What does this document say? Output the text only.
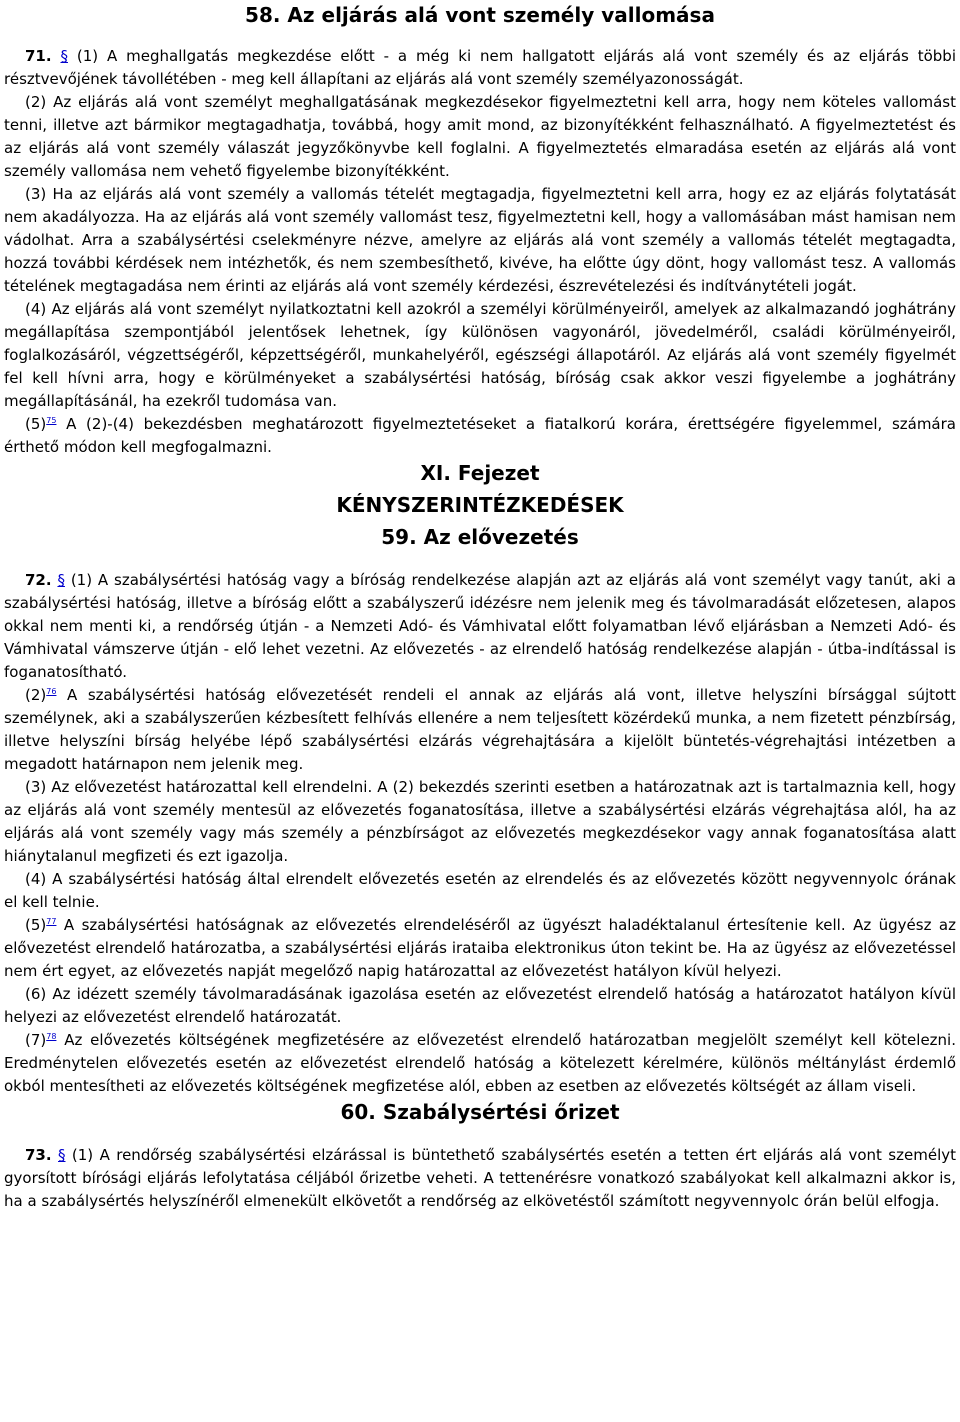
58. Az eljárás alá vont személy vallomása

71. § (1) A meghallgatás megkezdése előtt - a még ki nem hallgatott eljárás alá vont személy és az eljárás többi résztvevőjének távollétében - meg kell állapítani az eljárás alá vont személy személyazonosságát.

(2) Az eljárás alá vont személyt meghallgatásának megkezdésekor figyelmeztetni kell arra, hogy nem köteles vallomást tenni, illetve azt bármikor megtagadhatja, továbbá, hogy amit mond, az bizonyítékként felhasználható. A figyelmeztetést és az eljárás alá vont személy válaszát jegyzőkönyvbe kell foglalni. A figyelmeztetés elmaradása esetén az eljárás alá vont személy vallomása nem vehető figyelembe bizonyítékként.

(3) Ha az eljárás alá vont személy a vallomás tételét megtagadja, figyelmeztetni kell arra, hogy ez az eljárás folytatását nem akadályozza. Ha az eljárás alá vont személy vallomást tesz, figyelmeztetni kell, hogy a vallomásában mást hamisan nem vádolhat. Arra a szabálysértési cselekményre nézve, amelyre az eljárás alá vont személy a vallomás tételét megtagadta, hozzá további kérdések nem intézhetők, és nem szembesíthető, kivéve, ha előtte úgy dönt, hogy vallomást tesz. A vallomás tételének megtagadása nem érinti az eljárás alá vont személy kérdezési, észrevételezési és indítványtételi jogát.

(4) Az eljárás alá vont személyt nyilatkoztatni kell azokról a személyi körülményeiről, amelyek az alkalmazandó joghátrány megállapítása szempontjából jelentősek lehetnek, így különösen vagyonáról, jövedelméről, családi körülményeiről, foglalkozásáról, végzettségéről, képzettségéről, munkahelyéről, egészségi állapotáról. Az eljárás alá vont személy figyelmét fel kell hívni arra, hogy e körülményeket a szabálysértési hatóság, bíróság csak akkor veszi figyelembe a joghátrány megállapításánál, ha ezekről tudomása van.

(5)$^{75}$ A (2)-(4) bekezdésben meghatározott figyelmeztetéseket a fiatalkorú korára, érettségére figyelemmel, számára érthető módon kell megfogalmazni.

XI. Fejezet
KÉNYSZERINTÉZKEDÉSEK
59. Az elővezetés

72. § (1) A szabálysértési hatóság vagy a bíróság rendelkezése alapján azt az eljárás alá vont személyt vagy tanút, aki a szabálysértési hatóság, illetve a bíróság előtt a szabályszerű idézésre nem jelenik meg és távolmaradását előzetesen, alapos okkal nem menti ki, a rendőrség útján - a Nemzeti Adó- és Vámhivatal előtt folyamatban lévő eljárásban a Nemzeti Adó- és Vámhivatal vámszerve útján - elő lehet vezetni. Az elővezetés - az elrendelő hatóság rendelkezése alapján - útba-indítással is foganatosítható.

(2)$^{76}$ A szabálysértési hatóság elővezetését rendeli el annak az eljárás alá vont, illetve helyszíni bírsággal sújtott személynek, aki a szabályszerűen kézbesített felhívás ellenére a nem teljesített közérdekű munka, a nem fizetett pénzbírság, illetve helyszíni bírság helyébe lépő szabálysértési elzárás végrehajtására a kijelölt büntetés-végrehajtási intézetben a megadott határnapon nem jelenik meg.

(3) Az elővezetést határozattal kell elrendelni. A (2) bekezdés szerinti esetben a határozatnak azt is tartalmaznia kell, hogy az eljárás alá vont személy mentesül az elővezetés foganatosítása, illetve a szabálysértési elzárás végrehajtása alól, ha az eljárás alá vont személy vagy más személy a pénzbírságot az elővezetés megkezdésekor vagy annak foganatosítása alatt hiánytalanul megfizeti és ezt igazolja.

(4) A szabálysértési hatóság által elrendelt elővezetés esetén az elrendelés és az elővezetés között negyvennyolc órának el kell telnie.

(5)$^{77}$ A szabálysértési hatóságnak az elővezetés elrendeléséről az ügyészt haladéktalanul értesítenie kell. Az ügyész az elővezetést elrendelő határozatba, a szabálysértési eljárás irataiba elektronikus úton tekint be. Ha az ügyész az elővezetéssel nem ért egyet, az elővezetés napját megelőző napig határozattal az elővezetést hatályon kívül helyezi.

(6) Az idézett személy távolmaradásának igazolása esetén az elővezetést elrendelő hatóság a határozatot hatályon kívül helyezi az elővezetést elrendelő határozatát.

(7)$^{78}$ Az elővezetés költségének megfizetésére az elővezetést elrendelő határozatban megjelölt személyt kell kötelezni. Eredménytelen elővezetés esetén az elővezetést elrendelő hatóság a kötelezett kérelmére, különös méltánylást érdemlő okból mentesítheti az elővezetés költségének megfizetése alól, ebben az esetben az elővezetés költségét az állam viseli.

60. Szabálysértési őrizet

73. § (1) A rendőrség szabálysértési elzárással is büntethető szabálysértés esetén a tetten ért eljárás alá vont személyt gyorsított bírósági eljárás lefolytatása céljából őrizetbe veheti. A tettenérésre vonatkozó szabályokat kell alkalmazni akkor is, ha a szabálysértés helyszínéről elmenekült elkövetőt a rendőrség az elkövetéstől számított negyvennyolc órán belül elfogja.
